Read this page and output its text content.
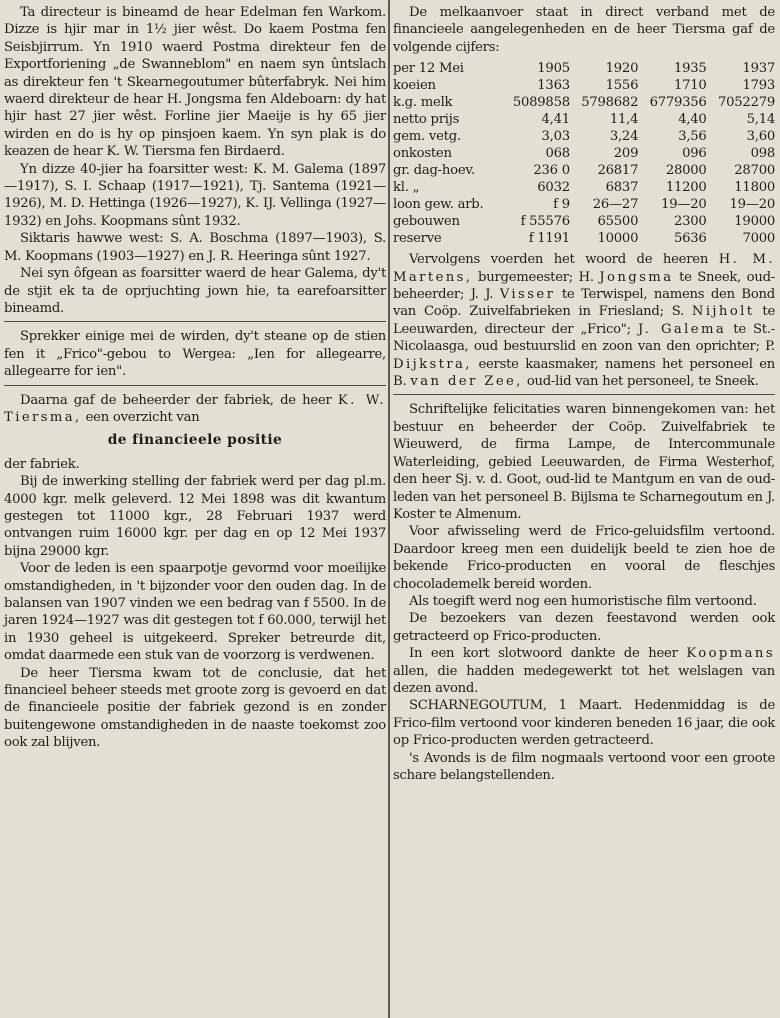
Ta directeur is bineamd de hear Edelman fen Warkom. Dizze is hjir mar in 1½ jier wêst. Do kaem Postma fen Seisbjirrum. Yn 1910 waerd Postma direkteur fen de Exportforiening „de Swanneblom" en naem syn ûntslach as direkteur fen 't Skearnegoutumer bûterfabryk. Nei him waerd direkteur de hear H. Jongsma fen Aldeboarn: dy hat hjir hast 27 jier wêst. Forline jier Maeije is hy 65 jier wirden en do is hy op pinsjoen kaem. Yn syn plak is do keazen de hear K. W. Tiersma fen Birdaerd.

Yn dizze 40-jier ha foarsitter west: K. M. Galema (1897—1917), S. I. Schaap (1917—1921), Tj. Santema (1921—1926), M. D. Hettinga (1926—1927), K. IJ. Vellinga (1927—1932) en Johs. Koopmans sûnt 1932.

Siktaris hawwe west: S. A. Boschma (1897—1903), S. M. Koopmans (1903—1927) en J. R. Heeringa sûnt 1927.

Nei syn ôfgean as foarsitter waerd de hear Galema, dy't de stjit ek ta de oprjuchting jown hie, ta earefoarsitter bineamd.

Sprekker einige mei de wirden, dy't steane op de stien fen it „Frico"-gebou to Wergea: „Ien for allegearre, allegearre for ien".

Daarna gaf de beheerder der fabriek, de heer K. W. Tiersma, een overzicht van

de financieele positie

der fabriek.

Bij de inwerking stelling der fabriek werd per dag pl.m. 4000 kgr. melk geleverd. 12 Mei 1898 was dit kwantum gestegen tot 11000 kgr., 28 Februari 1937 werd ontvangen ruim 16000 kgr. per dag en op 12 Mei 1937 bijna 29000 kgr.

Voor de leden is een spaarpotje gevormd voor moeilijke omstandigheden, in 't bijzonder voor den ouden dag. In de balansen van 1907 vinden we een bedrag van f 5500. In de jaren 1924—1927 was dit gestegen tot f 60.000, terwijl het in 1930 geheel is uitgekeerd. Spreker betreurde dit, omdat daarmede een stuk van de voorzorg is verdwenen.

De heer Tiersma kwam tot de conclusie, dat het financieel beheer steeds met groote zorg is gevoerd en dat de financieele positie der fabriek gezond is en zonder buitengewone omstandigheden in de naaste toekomst zoo ook zal blijven.

De melkaanvoer staat in direct verband met de financieele aangelegenheden en de heer Tiersma gaf de volgende cijfers:

per 12 Mei	1905	1920	1935	1937
koeien	1363	1556	1710	1793
k.g. melk	5089858	5798682	6779356	7052279
netto prijs	4,41	11,4	4,40	5,14
gem. vetg.	3,03	3,24	3,56	3,60
onkosten	068	209	096	098
gr. dag-hoev.	236 0	26817	28000	28700
kl. „	6032	6837	11200	11800
loon gew. arb.	f 9	26—27	19—20	19—20
gebouwen	f 55576	65500	2300	19000
reserve	f 1191	10000	5636	7000

Vervolgens voerden het woord de heeren H. M. Martens, burgemeester; H. Jongsma te Sneek, oud-beheerder; J. J. Visser te Terwispel, namens den Bond van Coöp. Zuivelfabrieken in Friesland; S. Nijholt te Leeuwarden, directeur der „Frico"; J. Galema te St.-Nicolaasga, oud bestuurslid en zoon van den oprichter; P. Dijkstra, eerste kaasmaker, namens het personeel en B. van der Zee, oud-lid van het personeel, te Sneek.

Schriftelijke felicitaties waren binnengekomen van: het bestuur en beheerder der Coöp. Zuivelfabriek te Wieuwerd, de firma Lampe, de Intercommunale Waterleiding, gebied Leeuwarden, de Firma Westerhof, den heer Sj. v. d. Goot, oud-lid te Mantgum en van de oud-leden van het personeel B. Bijlsma te Scharnegoutum en J. Koster te Almenum.

Voor afwisseling werd de Frico-geluidsfilm vertoond. Daardoor kreeg men een duidelijk beeld te zien hoe de bekende Frico-producten en vooral de fleschjes chocolademelk bereid worden.

Als toegift werd nog een humoristische film vertoond.

De bezoekers van dezen feestavond werden ook getracteerd op Frico-producten.

In een kort slotwoord dankte de heer Koopmans allen, die hadden medegewerkt tot het welslagen van dezen avond.

SCHARNEGOUTUM, 1 Maart. Hedenmiddag is de Frico-film vertoond voor kinderen beneden 16 jaar, die ook op Frico-producten werden getracteerd.

's Avonds is de film nogmaals vertoond voor een groote schare belangstellenden.
